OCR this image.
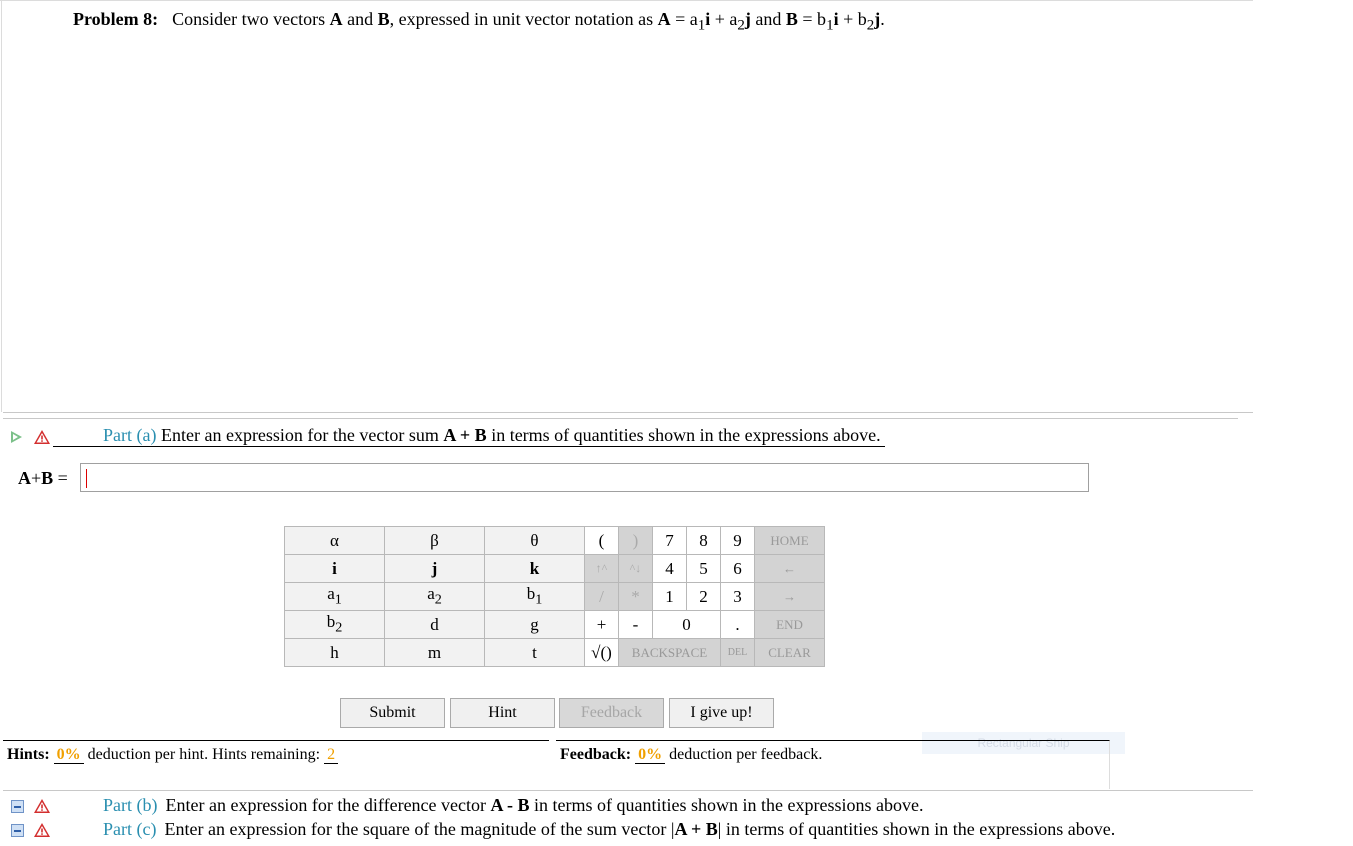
Problem 8: Consider two vectors A and B, expressed in unit vector notation as $A = a_1i + a_2j$ and $B = b_1i + b_2j$.
Part (a) Enter an expression for the vector sum A + B in terms of quantities shown in the expressions above.
A+B =
α	β	θ	(	)	7	8	9	HOME
i	j	k	↑^	^↓	4	5	6	←
$a_1$	$a_2$	$b_1$	/	*	1	2	3	→
$b_2$	d	g	+	-	0		.	END
h	m	t	√()	BACKSPACE			DEL	CLEAR
Submit	Hint	Feedback	I give up!
Rectangular Ship
Hints: 0% deduction per hint. Hints remaining: 2	Feedback: 0% deduction per feedback.
Part (b) Enter an expression for the difference vector A - B in terms of quantities shown in the expressions above.
Part (c) Enter an expression for the square of the magnitude of the sum vector |A + B| in terms of quantities shown in the expressions above.
